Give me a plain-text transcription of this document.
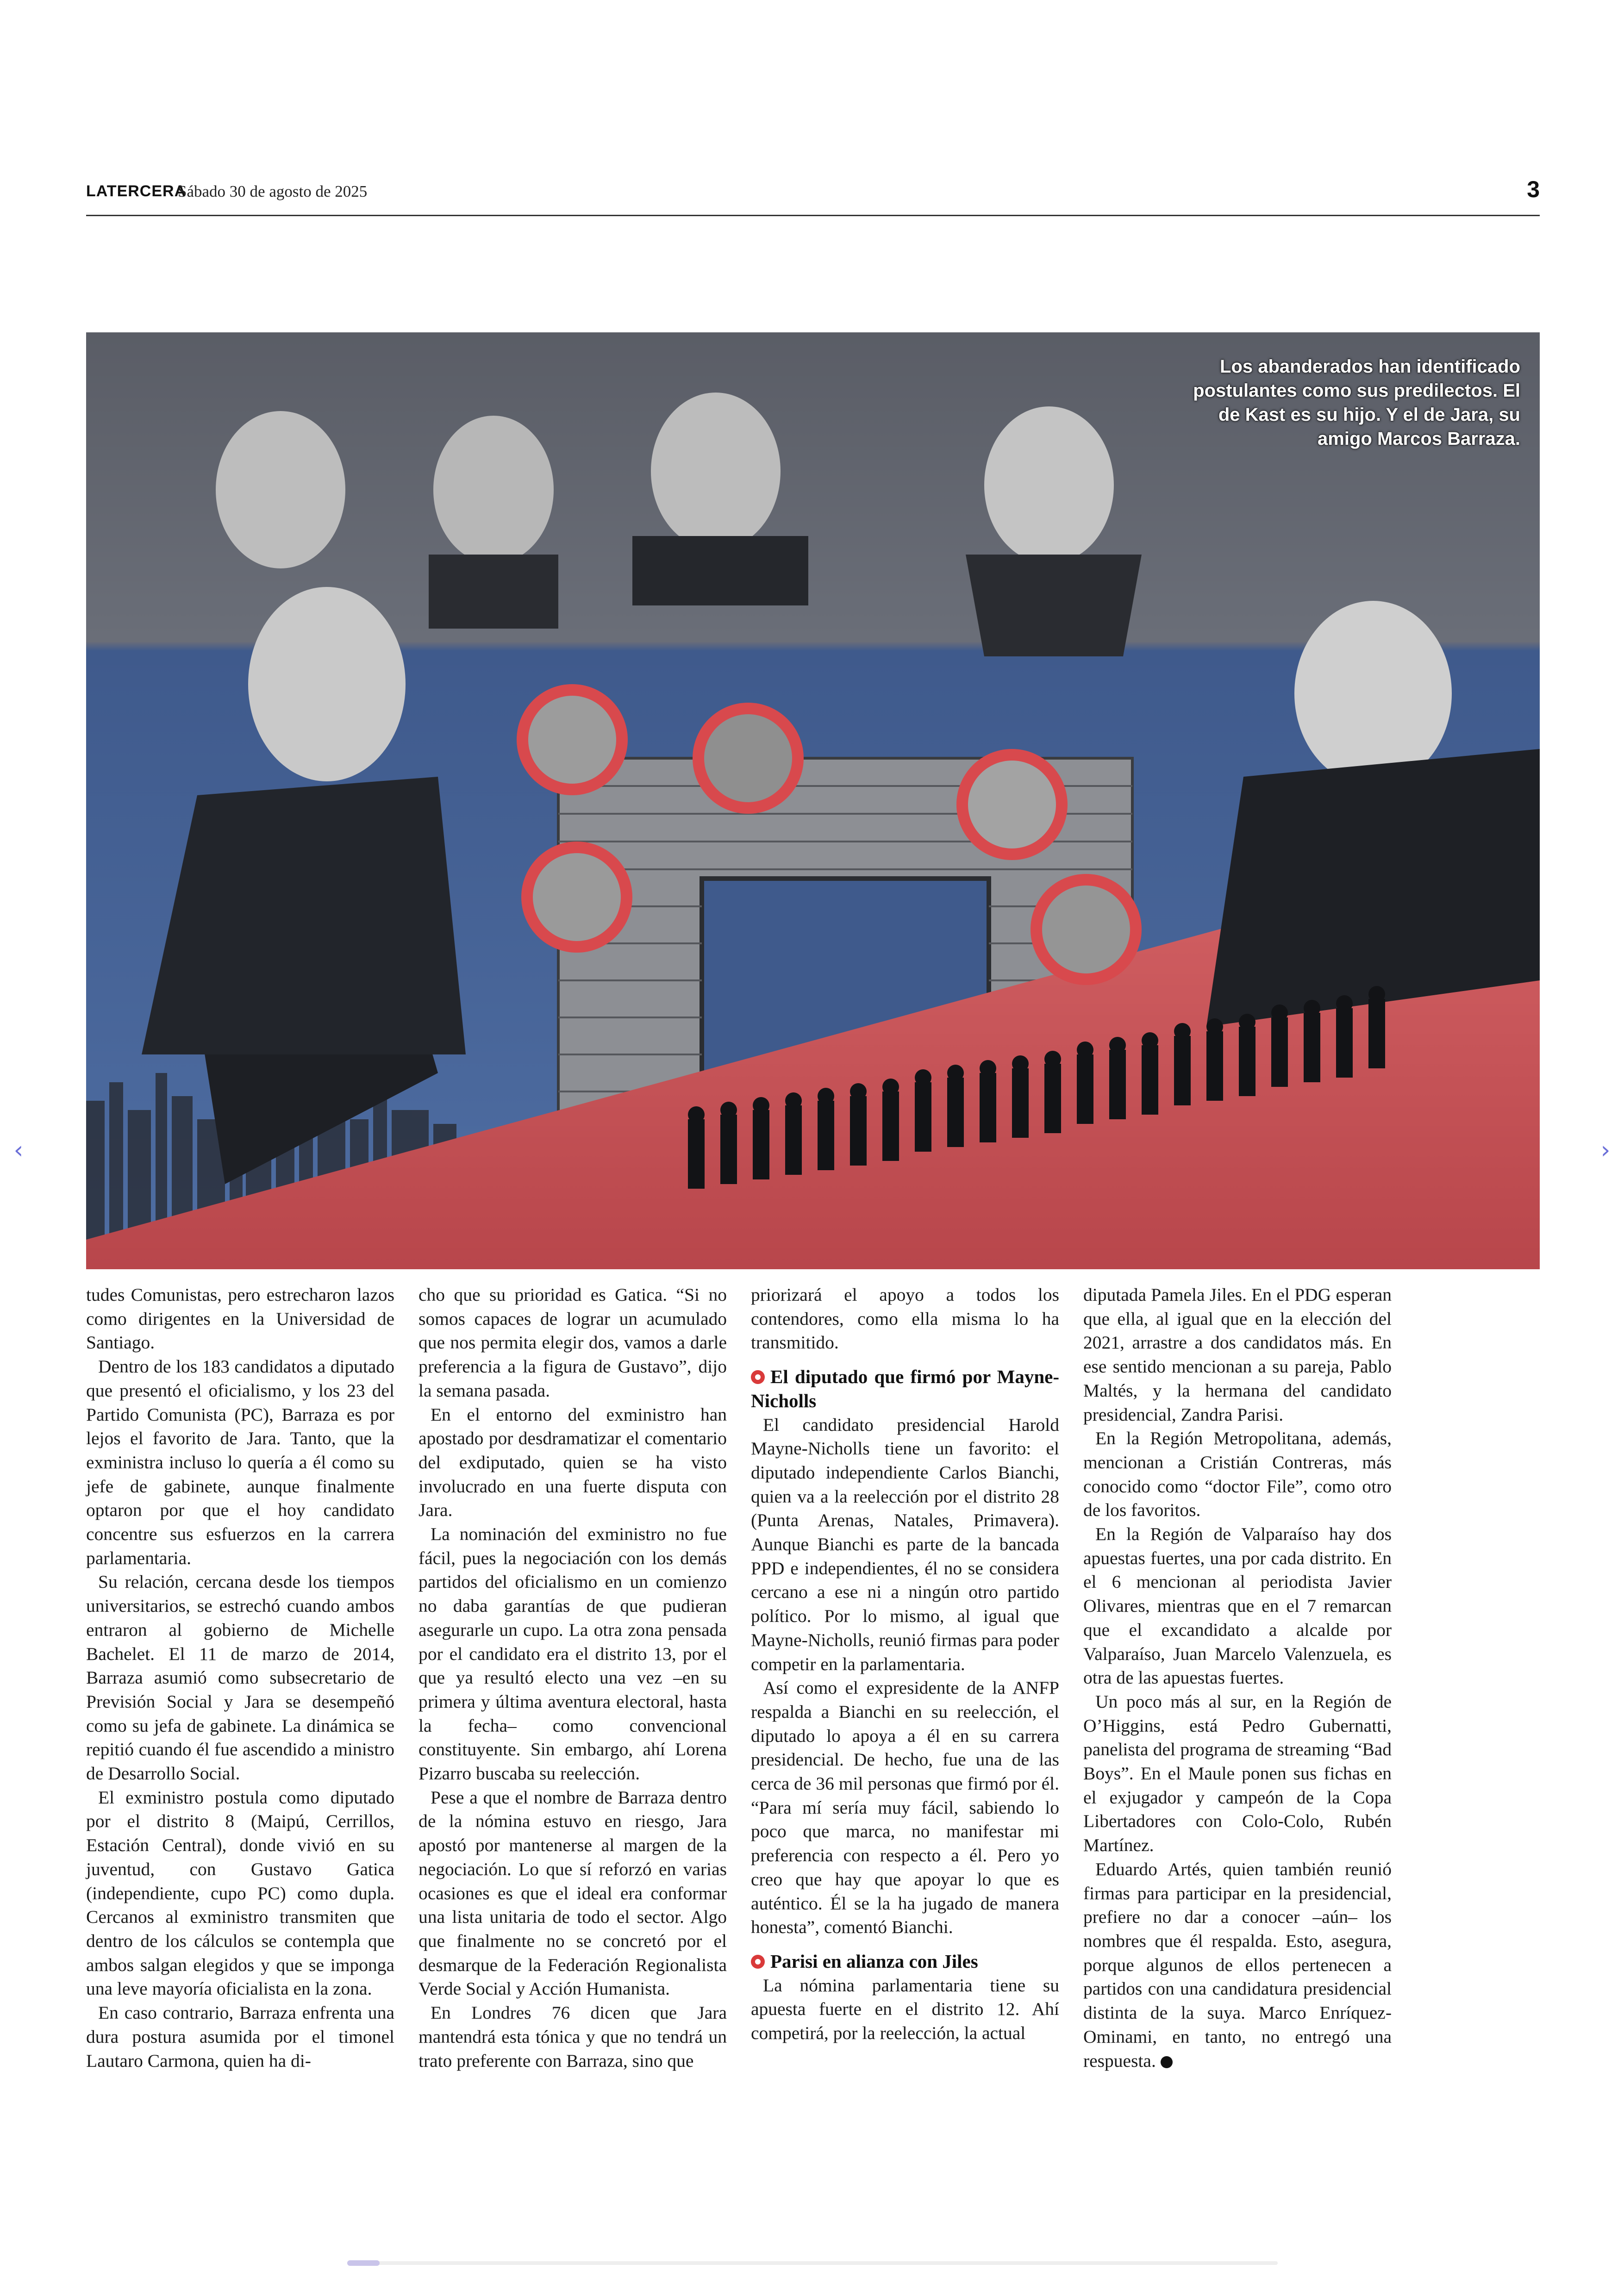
LATERCERA
Sábado 30 de agosto de 2025	3
Los abanderados han identificado postulantes como sus predilectos. El de Kast es su hijo. Y el de Jara, su amigo Marcos Barraza.

tudes Comunistas, pero estrecharon lazos como dirigentes en la Universidad de Santiago.

Dentro de los 183 candidatos a diputado que presentó el oficialismo, y los 23 del Partido Comunista (PC), Barraza es por lejos el favorito de Jara. Tanto, que la exministra incluso lo quería a él como su jefe de gabinete, aunque finalmente optaron por que el hoy candidato concentre sus esfuerzos en la carrera parlamentaria.

Su relación, cercana desde los tiempos universitarios, se estrechó cuando ambos entraron al gobierno de Michelle Bachelet. El 11 de marzo de 2014, Barraza asumió como subsecretario de Previsión Social y Jara se desempeñó como su jefa de gabinete. La dinámica se repitió cuando él fue ascendido a ministro de Desarrollo Social.

El exministro postula como diputado por el distrito 8 (Maipú, Cerrillos, Estación Central), donde vivió en su juventud, con Gustavo Gatica (independiente, cupo PC) como dupla. Cercanos al exministro transmiten que dentro de los cálculos se contempla que ambos salgan elegidos y que se imponga una leve mayoría oficialista en la zona.

En caso contrario, Barraza enfrenta una dura postura asumida por el timonel Lautaro Carmona, quien ha di-

cho que su prioridad es Gatica. “Si no somos capaces de lograr un acumulado que nos permita elegir dos, vamos a darle preferencia a la figura de Gustavo”, dijo la semana pasada.

En el entorno del exministro han apostado por desdramatizar el comentario del exdiputado, quien se ha visto involucrado en una fuerte disputa con Jara.

La nominación del exministro no fue fácil, pues la negociación con los demás partidos del oficialismo en un comienzo no daba garantías de que pudieran asegurarle un cupo. La otra zona pensada por el candidato era el distrito 13, por el que ya resultó electo una vez –en su primera y última aventura electoral, hasta la fecha– como convencional constituyente. Sin embargo, ahí Lorena Pizarro buscaba su reelección.

Pese a que el nombre de Barraza dentro de la nómina estuvo en riesgo, Jara apostó por mantenerse al margen de la negociación. Lo que sí reforzó en varias ocasiones es que el ideal era conformar una lista unitaria de todo el sector. Algo que finalmente no se concretó por el desmarque de la Federación Regionalista Verde Social y Acción Humanista.

En Londres 76 dicen que Jara mantendrá esta tónica y que no tendrá un trato preferente con Barraza, sino que

priorizará el apoyo a todos los contendores, como ella misma lo ha transmitido.

El diputado que firmó por Mayne-Nicholls

El candidato presidencial Harold Mayne-Nicholls tiene un favorito: el diputado independiente Carlos Bianchi, quien va a la reelección por el distrito 28 (Punta Arenas, Natales, Primavera). Aunque Bianchi es parte de la bancada PPD e independientes, él no se considera cercano a ese ni a ningún otro partido político. Por lo mismo, al igual que Mayne-Nicholls, reunió firmas para poder competir en la parlamentaria.

Así como el expresidente de la ANFP respalda a Bianchi en su reelección, el diputado lo apoya a él en su carrera presidencial. De hecho, fue una de las cerca de 36 mil personas que firmó por él. “Para mí sería muy fácil, sabiendo lo poco que marca, no manifestar mi preferencia con respecto a él. Pero yo creo que hay que apoyar lo que es auténtico. Él se la ha jugado de manera honesta”, comentó Bianchi.

Parisi en alianza con Jiles

La nómina parlamentaria tiene su apuesta fuerte en el distrito 12. Ahí competirá, por la reelección, la actual

diputada Pamela Jiles. En el PDG esperan que ella, al igual que en la elección del 2021, arrastre a dos candidatos más. En ese sentido mencionan a su pareja, Pablo Maltés, y la hermana del candidato presidencial, Zandra Parisi.

En la Región Metropolitana, además, mencionan a Cristián Contreras, más conocido como “doctor File”, como otro de los favoritos.

En la Región de Valparaíso hay dos apuestas fuertes, una por cada distrito. En el 6 mencionan al periodista Javier Olivares, mientras que en el 7 remarcan que el excandidato a alcalde por Valparaíso, Juan Marcelo Valenzuela, es otra de las apuestas fuertes.

Un poco más al sur, en la Región de O’Higgins, está Pedro Gubernatti, panelista del programa de streaming “Bad Boys”. En el Maule ponen sus fichas en el exjugador y campeón de la Copa Libertadores con Colo-Colo, Rubén Martínez.

Eduardo Artés, quien también reunió firmas para participar en la presidencial, prefiere no dar a conocer –aún– los nombres que él respalda. Esto, asegura, porque algunos de ellos pertenecen a partidos con una candidatura presidencial distinta de la suya. Marco Enríquez-Ominami, en tanto, no entregó una respuesta.

‹	›
